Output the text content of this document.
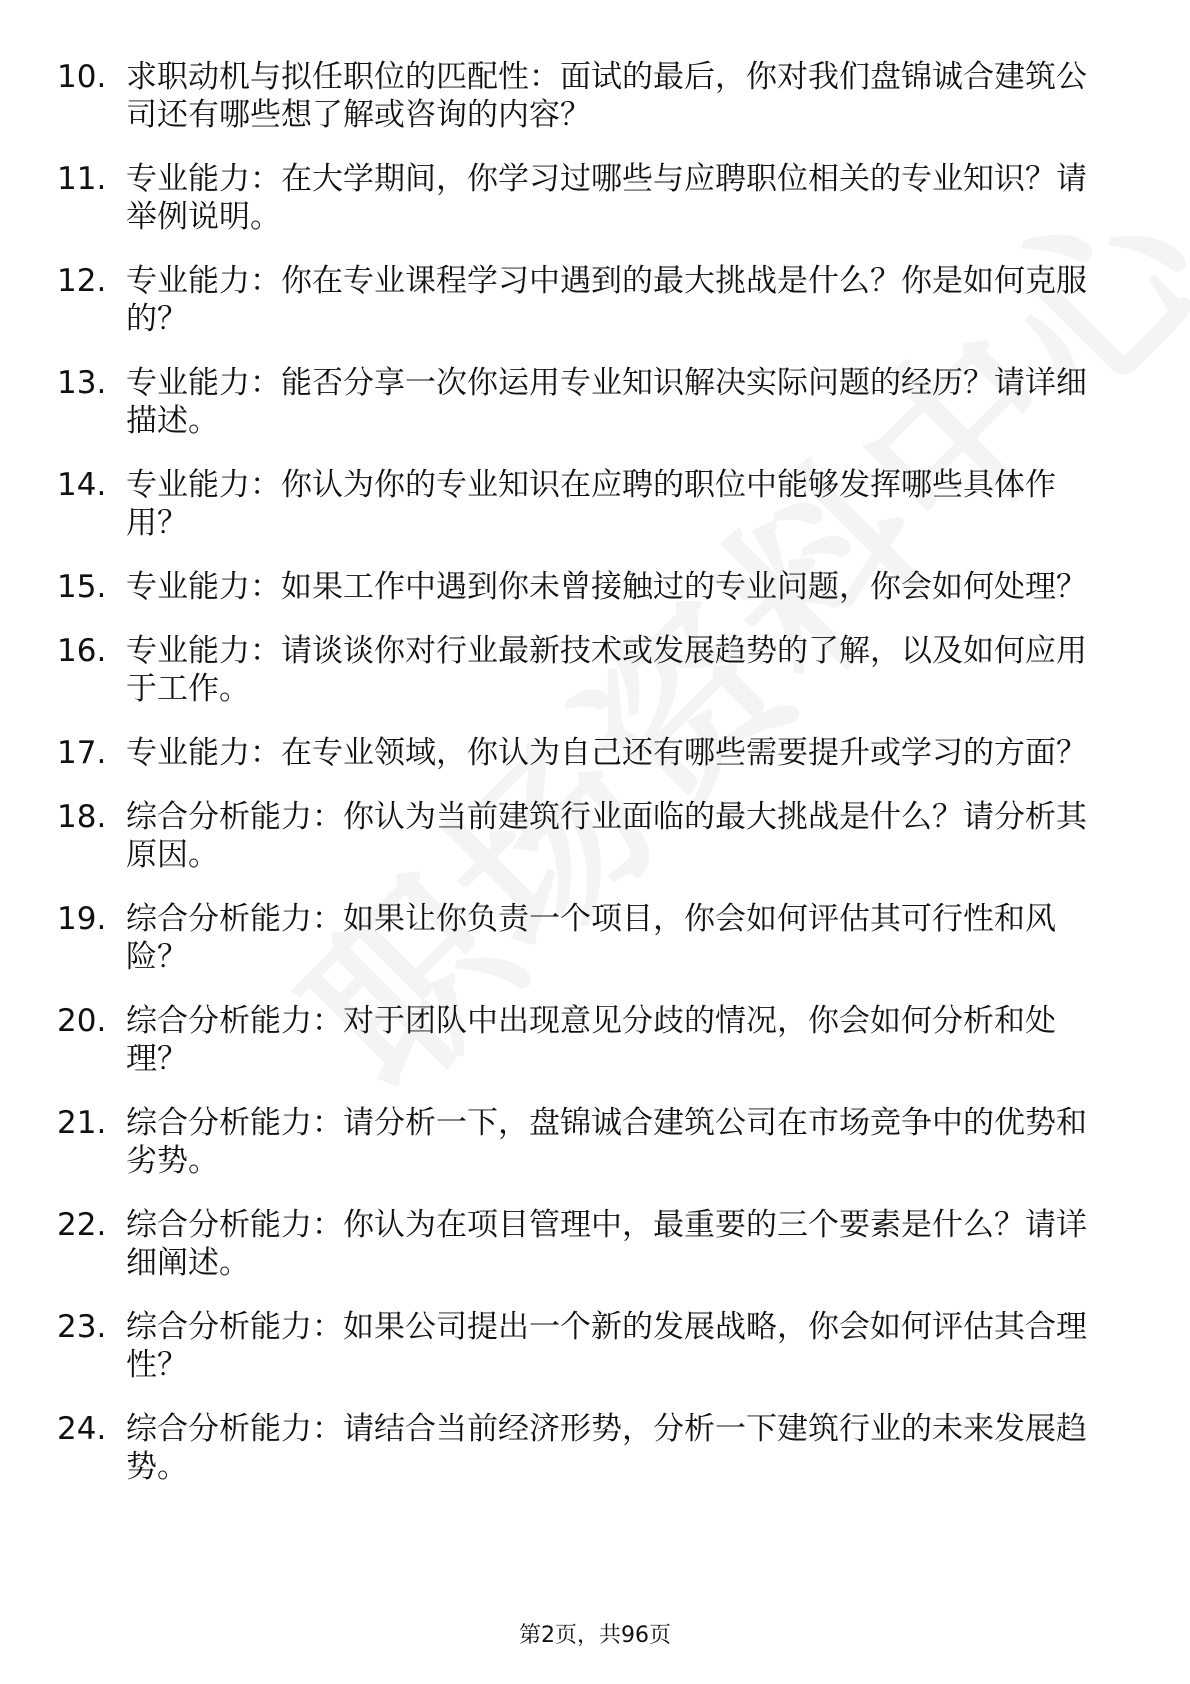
10. 求职动机与拟任职位的匹配性：面试的最后，你对我们盘锦诚合建筑公司还有哪些想了解或咨询的内容？
11. 专业能力：在大学期间，你学习过哪些与应聘职位相关的专业知识？请举例说明。
12. 专业能力：你在专业课程学习中遇到的最大挑战是什么？你是如何克服的？
13. 专业能力：能否分享一次你运用专业知识解决实际问题的经历？请详细描述。
14. 专业能力：你认为你的专业知识在应聘的职位中能够发挥哪些具体作用？
15. 专业能力：如果工作中遇到你未曾接触过的专业问题，你会如何处理？
16. 专业能力：请谈谈你对行业最新技术或发展趋势的了解，以及如何应用于工作。
17. 专业能力：在专业领域，你认为自己还有哪些需要提升或学习的方面？
18. 综合分析能力：你认为当前建筑行业面临的最大挑战是什么？请分析其原因。
19. 综合分析能力：如果让你负责一个项目，你会如何评估其可行性和风险？
20. 综合分析能力：对于团队中出现意见分歧的情况，你会如何分析和处理？
21. 综合分析能力：请分析一下，盘锦诚合建筑公司在市场竞争中的优势和劣势。
22. 综合分析能力：你认为在项目管理中，最重要的三个要素是什么？请详细阐述。
23. 综合分析能力：如果公司提出一个新的发展战略，你会如何评估其合理性？
24. 综合分析能力：请结合当前经济形势，分析一下建筑行业的未来发展趋势。
第2页，共96页
